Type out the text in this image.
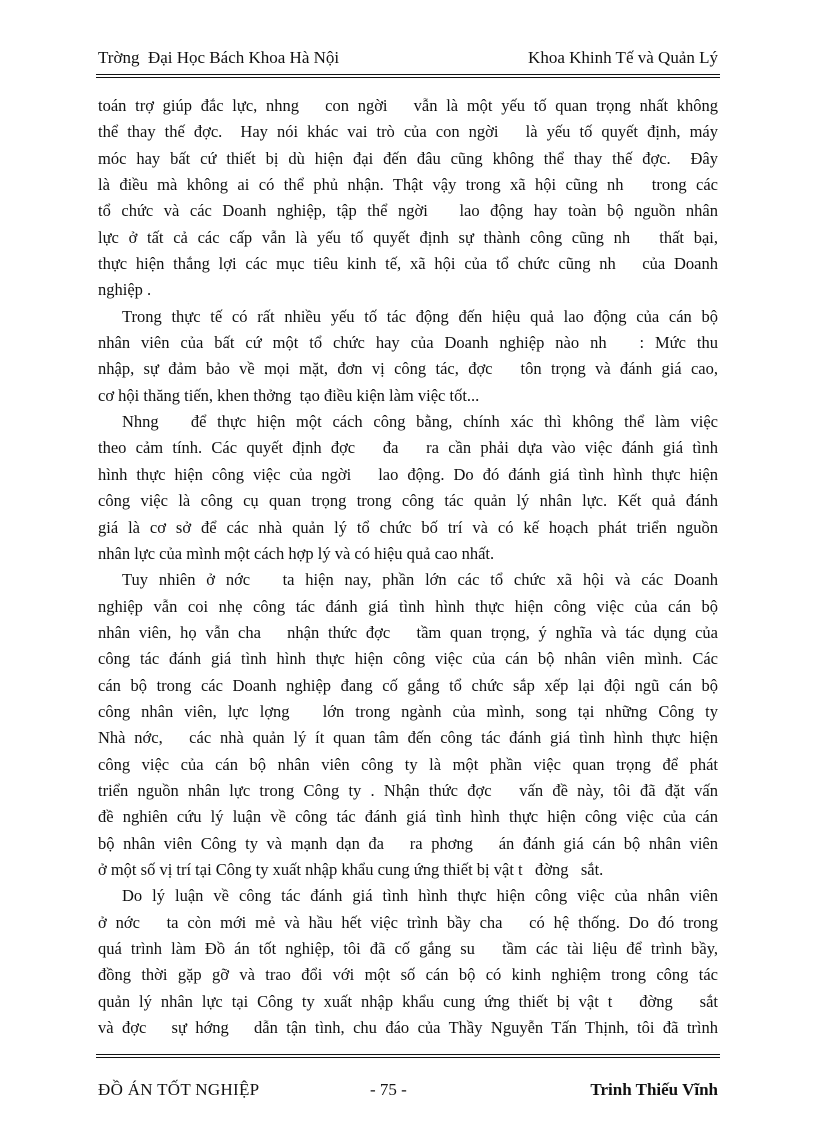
Trờng  Đại Học Bách Khoa Hà Nội	Khoa Khinh Tế và Quản Lý
toán trợ giúp đắc lực, nhng   con ngời   vẫn là một yếu tố quan trọng nhất không
thể thay thế đợc.  Hay nói khác vai trò của con ngời   là yếu tố quyết định, máy
móc hay bất cứ thiết bị dù hiện đại đến đâu cũng không thể thay thế đợc.  Đây
là điều mà không ai có thể phủ nhận. Thật vậy trong xã hội cũng nh   trong các
tổ chức và các Doanh nghiệp, tập thể ngời   lao động hay toàn bộ nguồn nhân
lực ở tất cả các cấp vẫn là yếu tố quyết định sự thành công cũng nh   thất bại,
thực hiện thắng lợi các mục tiêu kinh tế, xã hội của tổ chức cũng nh   của Doanh
nghiệp .
Trong thực tế có rất nhiều yếu tố tác động đến hiệu quả lao động của cán bộ
nhân viên của bất cứ một tổ chức hay của Doanh nghiệp nào nh   : Mức thu
nhập, sự đảm bảo về mọi mặt, đơn vị công tác, đợc   tôn trọng và đánh giá cao,
cơ hội thăng tiến, khen thởng  tạo điều kiện làm việc tốt...
Nhng   để thực hiện một cách công bằng, chính xác thì không thể làm việc
theo cảm tính. Các quyết định đợc   đa   ra cần phải dựa vào việc đánh giá tình
hình thực hiện công việc của ngời   lao động. Do đó đánh giá tình hình thực hiện
công việc là công cụ quan trọng trong công tác quản lý nhân lực. Kết quả đánh
giá là cơ sở để các nhà quản lý tổ chức bố trí và có kế hoạch phát triển nguồn
nhân lực của mình một cách hợp lý và có hiệu quả cao nhất.
Tuy nhiên ở nớc   ta hiện nay, phần lớn các tổ chức xã hội và các Doanh
nghiệp vẫn coi nhẹ công tác đánh giá tình hình thực hiện công việc của cán bộ
nhân viên, họ vẫn cha   nhận thức đợc   tầm quan trọng, ý nghĩa và tác dụng của
công tác đánh giá tình hình thực hiện công việc của cán bộ nhân viên mình. Các
cán bộ trong các Doanh nghiệp đang cố gắng tổ chức sắp xếp lại đội ngũ cán bộ
công nhân viên, lực lợng   lớn trong ngành của mình, song tại những Công ty
Nhà nớc,   các nhà quản lý ít quan tâm đến công tác đánh giá tình hình thực hiện
công việc của cán bộ nhân viên công ty là một phần việc quan trọng để phát
triển nguồn nhân lực trong Công ty . Nhận thức đợc   vấn đề này, tôi đã đặt vấn
đề nghiên cứu lý luận về công tác đánh giá tình hình thực hiện công việc của cán
bộ nhân viên Công ty và mạnh dạn đa   ra phơng   án đánh giá cán bộ nhân viên
ở một số vị trí tại Công ty xuất nhập khẩu cung ứng thiết bị vật t   đờng   sắt.
Do lý luận về công tác đánh giá tình hình thực hiện công việc của nhân viên
ở nớc   ta còn mới mẻ và hầu hết việc trình bầy cha   có hệ thống. Do đó trong
quá trình làm Đồ án tốt nghiệp, tôi đã cố gắng su   tầm các tài liệu để trình bầy,
đồng thời gặp gỡ và trao đổi với một số cán bộ có kinh nghiệm trong công tác
quản lý nhân lực tại Công ty xuất nhập khẩu cung ứng thiết bị vật t   đờng   sắt
và đợc   sự hớng   dẫn tận tình, chu đáo của Thầy Nguyễn Tấn Thịnh, tôi đã trình
ĐỒ ÁN TỐT NGHIỆP	- 75 -	Trinh Thiếu Vĩnh
